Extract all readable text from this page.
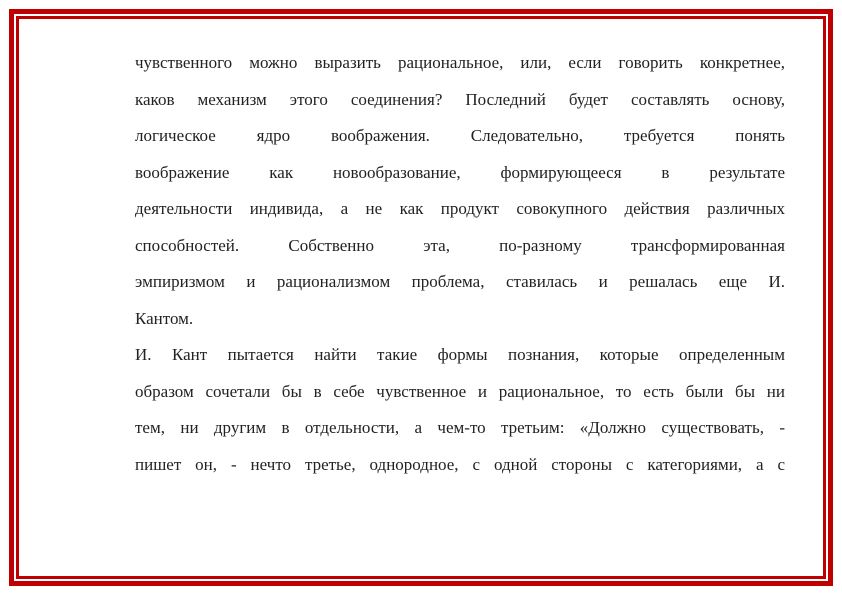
чувственного можно выразить рациональное, или, если говорить конкретнее,

каков механизм этого соединения? Последний будет составлять основу,

логическое ядро воображения. Следовательно, требуется понять

воображение как новообразование, формирующееся в результате

деятельности индивида, а не как продукт совокупного действия различных

способностей. Собственно эта, по-разному трансформированная

эмпиризмом и рационализмом проблема, ставилась и решалась еще И.

Кантом.

И. Кант пытается найти такие формы познания, которые определенным

образом сочетали бы в себе чувственное и рациональное, то есть были бы ни

тем, ни другим в отдельности, а чем-то третьим: «Должно существовать, -

пишет он, - нечто третье, однородное, с одной стороны с категориями, а с
